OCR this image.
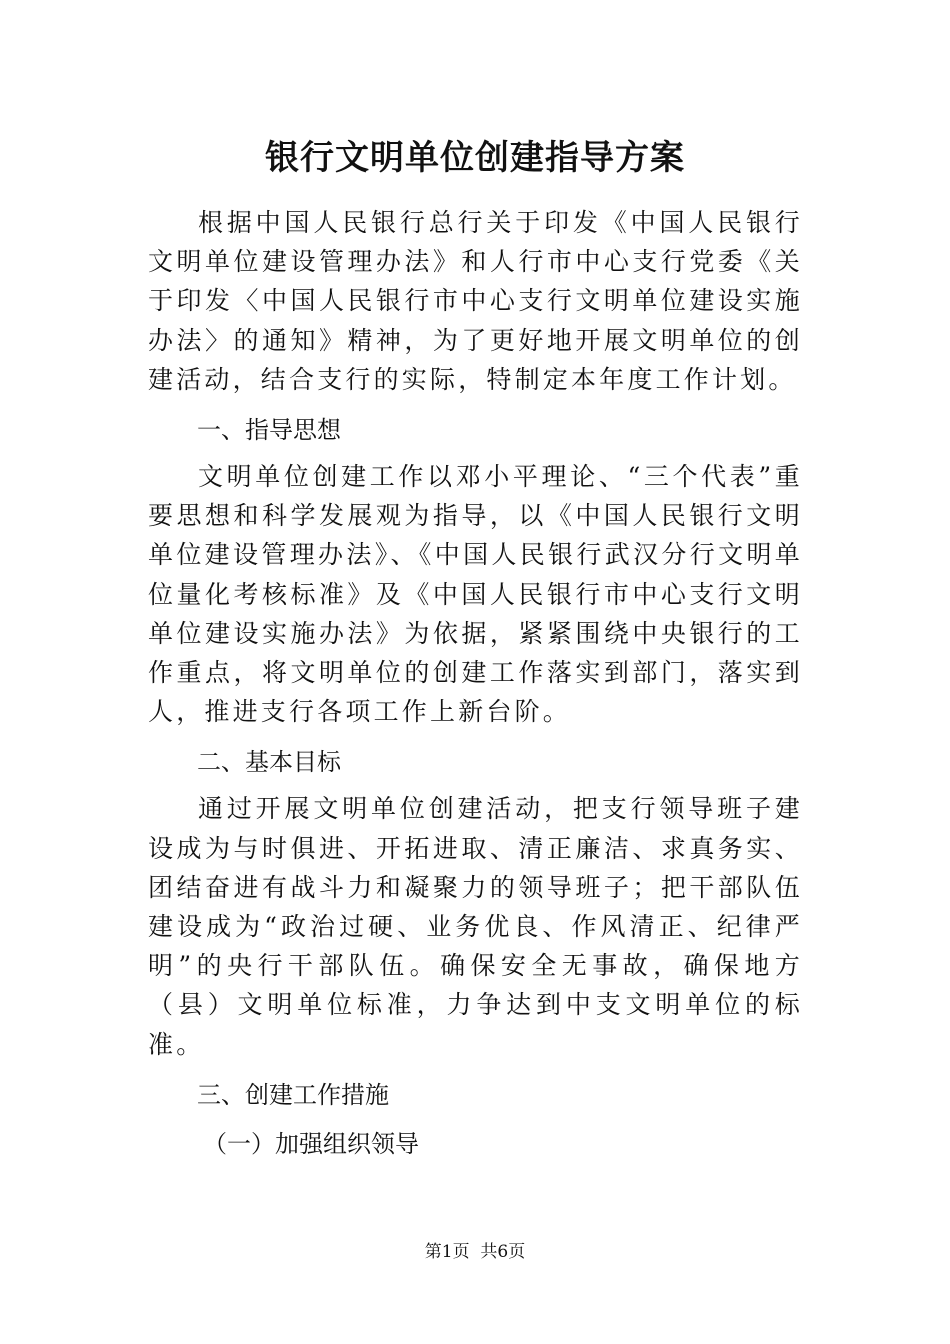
银行文明单位创建指导方案

根据中国人民银行总行关于印发《中国人民银行文明单位建设管理办法》和人行市中心支行党委《关于印发〈中国人民银行市中心支行文明单位建设实施办法〉的通知》精神，为了更好地开展文明单位的创建活动，结合支行的实际，特制定本年度工作计划。

一、指导思想

文明单位创建工作以邓小平理论、“三个代表”重要思想和科学发展观为指导，以《中国人民银行文明单位建设管理办法》、《中国人民银行武汉分行文明单位量化考核标准》及《中国人民银行市中心支行文明单位建设实施办法》为依据，紧紧围绕中央银行的工作重点，将文明单位的创建工作落实到部门，落实到人，推进支行各项工作上新台阶。

二、基本目标

通过开展文明单位创建活动，把支行领导班子建设成为与时俱进、开拓进取、清正廉洁、求真务实、团结奋进有战斗力和凝聚力的领导班子；把干部队伍建设成为“政治过硬、业务优良、作风清正、纪律严明”的央行干部队伍。确保安全无事故，确保地方（县）文明单位标准，力争达到中支文明单位的标准。

三、创建工作措施
（一）加强组织领导
第1页 共6页
